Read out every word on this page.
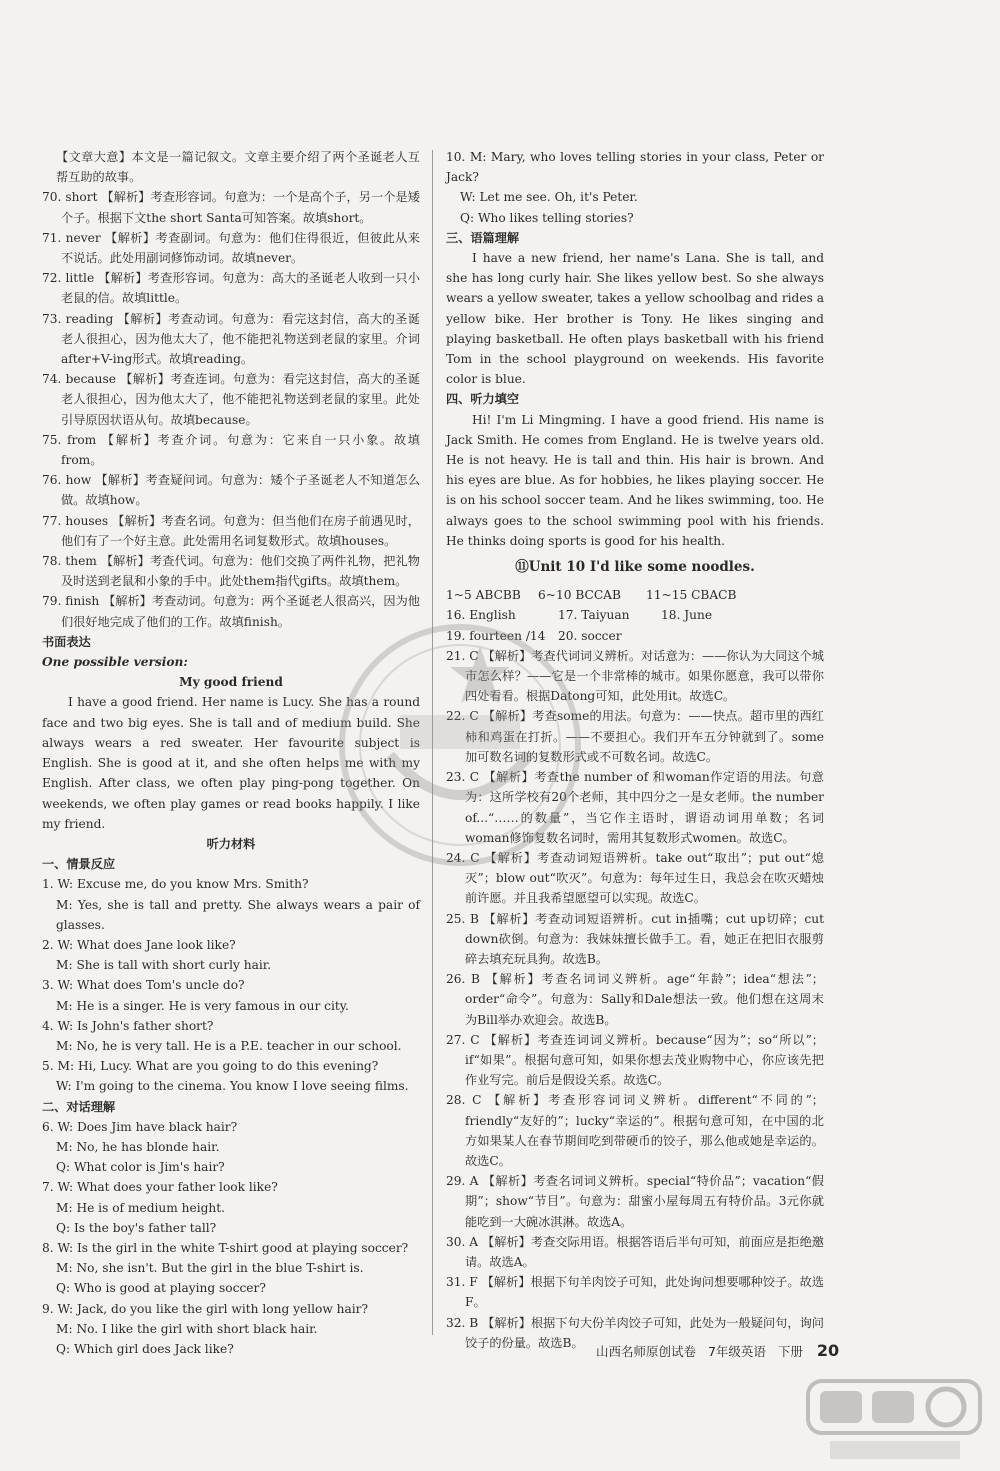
【文章大意】本文是一篇记叙文。文章主要介绍了两个圣诞老人互帮互助的故事。

70. short 【解析】考查形容词。句意为：一个是高个子，另一个是矮个子。根据下文the short Santa可知答案。故填short。

71. never 【解析】考查副词。句意为：他们住得很近，但彼此从来不说话。此处用副词修饰动词。故填never。

72. little 【解析】考查形容词。句意为：高大的圣诞老人收到一只小老鼠的信。故填little。

73. reading 【解析】考查动词。句意为：看完这封信，高大的圣诞老人很担心，因为他太大了，他不能把礼物送到老鼠的家里。介词after+V-ing形式。故填reading。

74. because 【解析】考查连词。句意为：看完这封信，高大的圣诞老人很担心，因为他太大了，他不能把礼物送到老鼠的家里。此处引导原因状语从句。故填because。

75. from 【解析】考查介词。句意为：它来自一只小象。故填from。

76. how 【解析】考查疑问词。句意为：矮个子圣诞老人不知道怎么做。故填how。

77. houses 【解析】考查名词。句意为：但当他们在房子前遇见时，他们有了一个好主意。此处需用名词复数形式。故填houses。

78. them 【解析】考查代词。句意为：他们交换了两件礼物，把礼物及时送到老鼠和小象的手中。此处them指代gifts。故填them。

79. finish 【解析】考查动词。句意为：两个圣诞老人很高兴，因为他们很好地完成了他们的工作。故填finish。

书面表达

One possible version:

My good friend

I have a good friend. Her name is Lucy. She has a round face and two big eyes. She is tall and of medium build. She always wears a red sweater. Her favourite subject is English. She is good at it, and she often helps me with my English. After class, we often play ping-pong together. On weekends, we often play games or read books happily. I like my friend.

听力材料

一、情景反应

1. W: Excuse me, do you know Mrs. Smith?

M: Yes, she is tall and pretty. She always wears a pair of glasses.

2. W: What does Jane look like?

M: She is tall with short curly hair.

3. W: What does Tom's uncle do?

M: He is a singer. He is very famous in our city.

4. W: Is John's father short?

M: No, he is very tall. He is a P.E. teacher in our school.

5. M: Hi, Lucy. What are you going to do this evening?

W: I'm going to the cinema. You know I love seeing films.

二、对话理解

6. W: Does Jim have black hair?

M: No, he has blonde hair.

Q: What color is Jim's hair?

7. W: What does your father look like?

M: He is of medium height.

Q: Is the boy's father tall?

8. W: Is the girl in the white T-shirt good at playing soccer?

M: No, she isn't. But the girl in the blue T-shirt is.

Q: Who is good at playing soccer?

9. W: Jack, do you like the girl with long yellow hair?

M: No. I like the girl with short black hair.

Q: Which girl does Jack like?

10. M: Mary, who loves telling stories in your class, Peter or Jack?

W: Let me see. Oh, it's Peter.

Q: Who likes telling stories?

三、语篇理解

I have a new friend, her name's Lana. She is tall, and she has long curly hair. She likes yellow best. So she always wears a yellow sweater, takes a yellow schoolbag and rides a yellow bike. Her brother is Tony. He likes singing and playing basketball. He often plays basketball with his friend Tom in the school playground on weekends. His favorite color is blue.

四、听力填空

Hi! I'm Li Mingming. I have a good friend. His name is Jack Smith. He comes from England. He is twelve years old. He is not heavy. He is tall and thin. His hair is brown. And his eyes are blue. As for hobbies, he likes playing soccer. He is on his school soccer team. And he likes swimming, too. He always goes to the school swimming pool with his friends. He thinks doing sports is good for his health.

⑪Unit 10 I'd like some noodles.

1~5 ABCBB	6~10 BCCAB	11~15 CBACB
16. English	17. Taiyuan	18. June
19. fourteen /14	20. soccer

21. C 【解析】考查代词词义辨析。对话意为：——你认为大同这个城市怎么样？——它是一个非常棒的城市。如果你愿意，我可以带你四处看看。根据Datong可知，此处用it。故选C。

22. C 【解析】考查some的用法。句意为：——快点。超市里的西红柿和鸡蛋在打折。——不要担心。我们开车五分钟就到了。some加可数名词的复数形式或不可数名词。故选C。

23. C 【解析】考查the number of 和woman作定语的用法。句意为：这所学校有20个老师，其中四分之一是女老师。the number of...“……的数量”，当它作主语时，谓语动词用单数；名词woman修饰复数名词时，需用其复数形式women。故选C。

24. C 【解析】考查动词短语辨析。take out“取出”；put out“熄灭”；blow out“吹灭”。句意为：每年过生日，我总会在吹灭蜡烛前许愿。并且我希望愿望可以实现。故选C。

25. B 【解析】考查动词短语辨析。cut in插嘴；cut up切碎；cut down砍倒。句意为：我妹妹擅长做手工。看，她正在把旧衣服剪碎去填充玩具狗。故选B。

26. B 【解析】考查名词词义辨析。age“年龄”；idea“想法”；order“命令”。句意为：Sally和Dale想法一致。他们想在这周末为Bill举办欢迎会。故选B。

27. C 【解析】考查连词词义辨析。because“因为”；so“所以”；if“如果”。根据句意可知，如果你想去茂业购物中心，你应该先把作业写完。前后是假设关系。故选C。

28. C 【解析】考查形容词词义辨析。different“不同的”；friendly“友好的”；lucky“幸运的”。根据句意可知，在中国的北方如果某人在春节期间吃到带硬币的饺子，那么他或她是幸运的。故选C。

29. A 【解析】考查名词词义辨析。special“特价品”；vacation“假期”；show“节目”。句意为：甜蜜小屋每周五有特价品。3元你就能吃到一大碗冰淇淋。故选A。

30. A 【解析】考查交际用语。根据答语后半句可知，前面应是拒绝邀请。故选A。

31. F 【解析】根据下句羊肉饺子可知，此处询问想要哪种饺子。故选F。

32. B 【解析】根据下句大份羊肉饺子可知，此处为一般疑问句，询问饺子的份量。故选B。

山西名师原创试卷 7年级英语 下册 20
